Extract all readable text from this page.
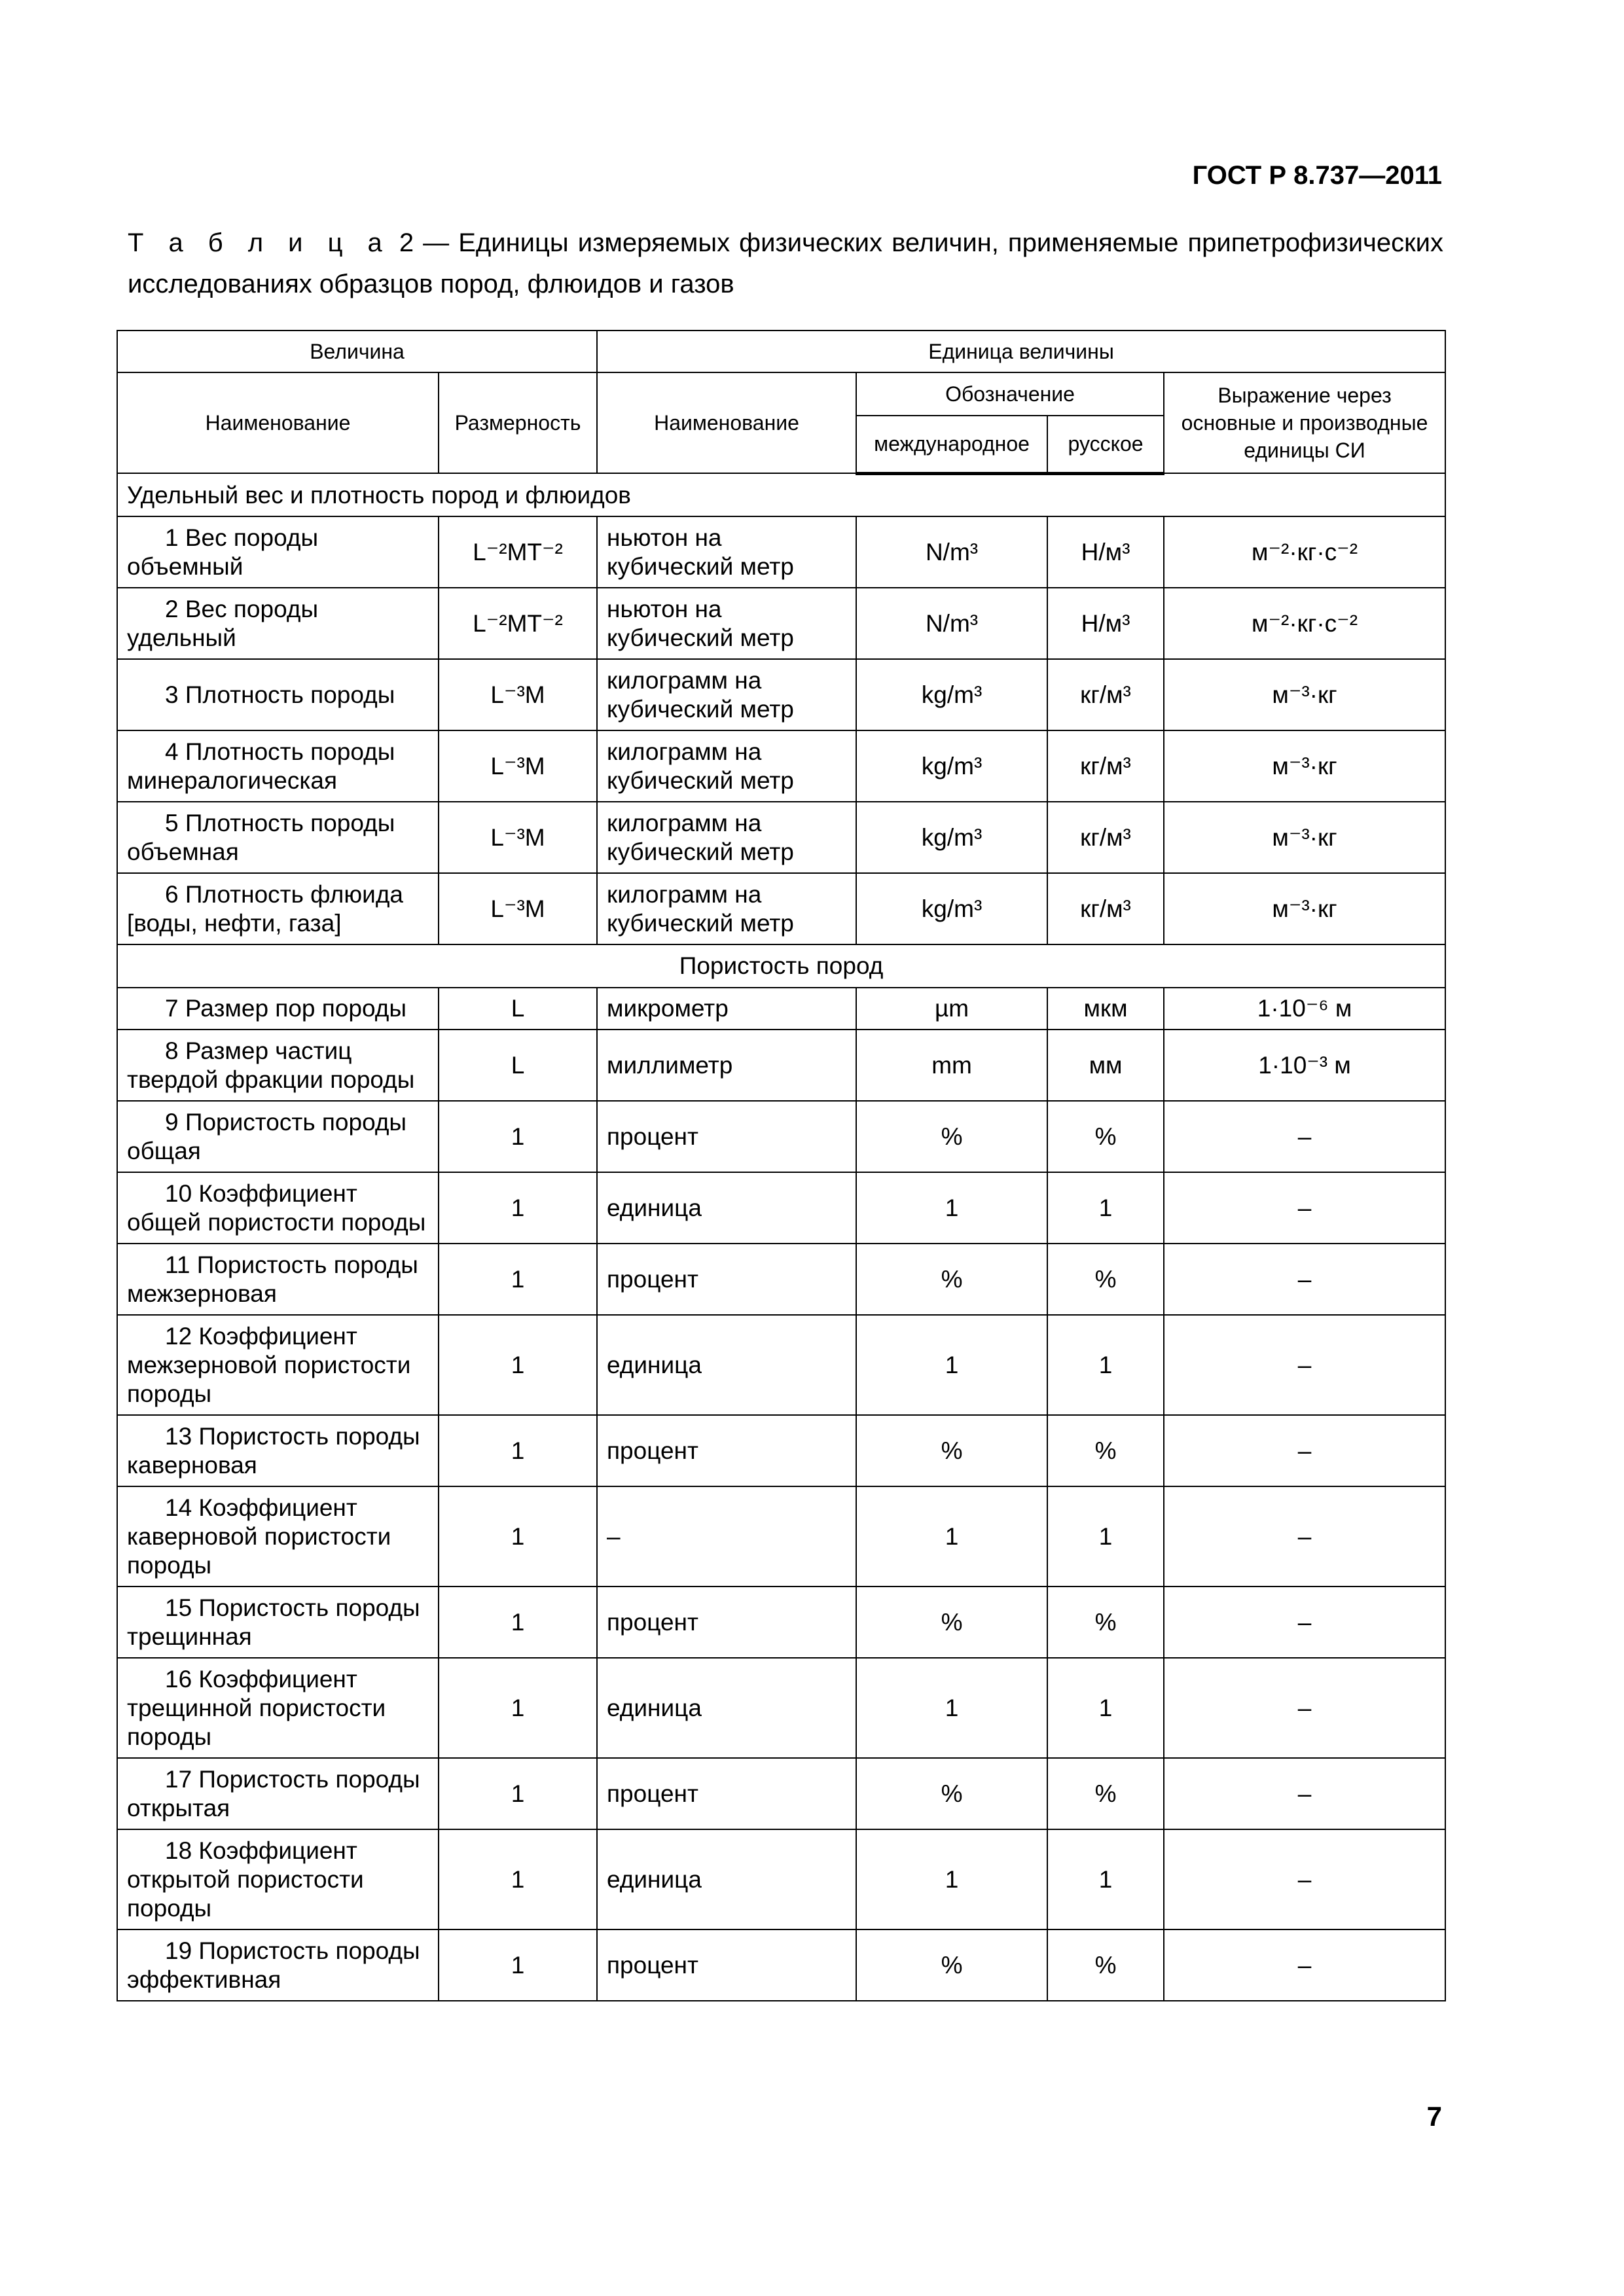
ГОСТ Р 8.737—2011
Т а б л и ц а 2 — Единицы измеряемых физических величин, применяемые припетрофизических исследованиях образцов пород, флюидов и газов
Величина		Единица величины			
Наименование	Размерность	Наименование	Обозначение		Выражение через основные и производные единицы СИ
			международное	русское	
Удельный вес и плотность пород и флюидов					
1 Вес породы объемный	L⁻²MT⁻²	ньютон на кубический метр	N/m³	Н/м³	м⁻²·кг·с⁻²
2 Вес породы удельный	L⁻²MT⁻²	ньютон на кубический метр	N/m³	Н/м³	м⁻²·кг·с⁻²
3 Плотность породы	L⁻³M	килограмм на кубический метр	kg/m³	кг/м³	м⁻³·кг
4 Плотность породы минералогическая	L⁻³M	килограмм на кубический метр	kg/m³	кг/м³	м⁻³·кг
5 Плотность породы объемная	L⁻³M	килограмм на кубический метр	kg/m³	кг/м³	м⁻³·кг
6 Плотность флюида [воды, нефти, газа]	L⁻³M	килограмм на кубический метр	kg/m³	кг/м³	м⁻³·кг
Пористость пород					
7 Размер пор породы	L	микрометр	µm	мкм	1·10⁻⁶ м
8 Размер частиц твердой фракции породы	L	миллиметр	mm	мм	1·10⁻³ м
9 Пористость породы общая	1	процент	%	%	–
10 Коэффициент общей пористости породы	1	единица	1	1	–
11 Пористость породы межзерновая	1	процент	%	%	–
12 Коэффициент межзерновой пористости породы	1	единица	1	1	–
13 Пористость породы каверновая	1	процент	%	%	–
14 Коэффициент каверновой пористости породы	1	–	1	1	–
15 Пористость породы трещинная	1	процент	%	%	–
16 Коэффициент трещинной пористости породы	1	единица	1	1	–
17 Пористость породы открытая	1	процент	%	%	–
18 Коэффициент открытой пористости породы	1	единица	1	1	–
19 Пористость породы эффективная	1	процент	%	%	–
7
